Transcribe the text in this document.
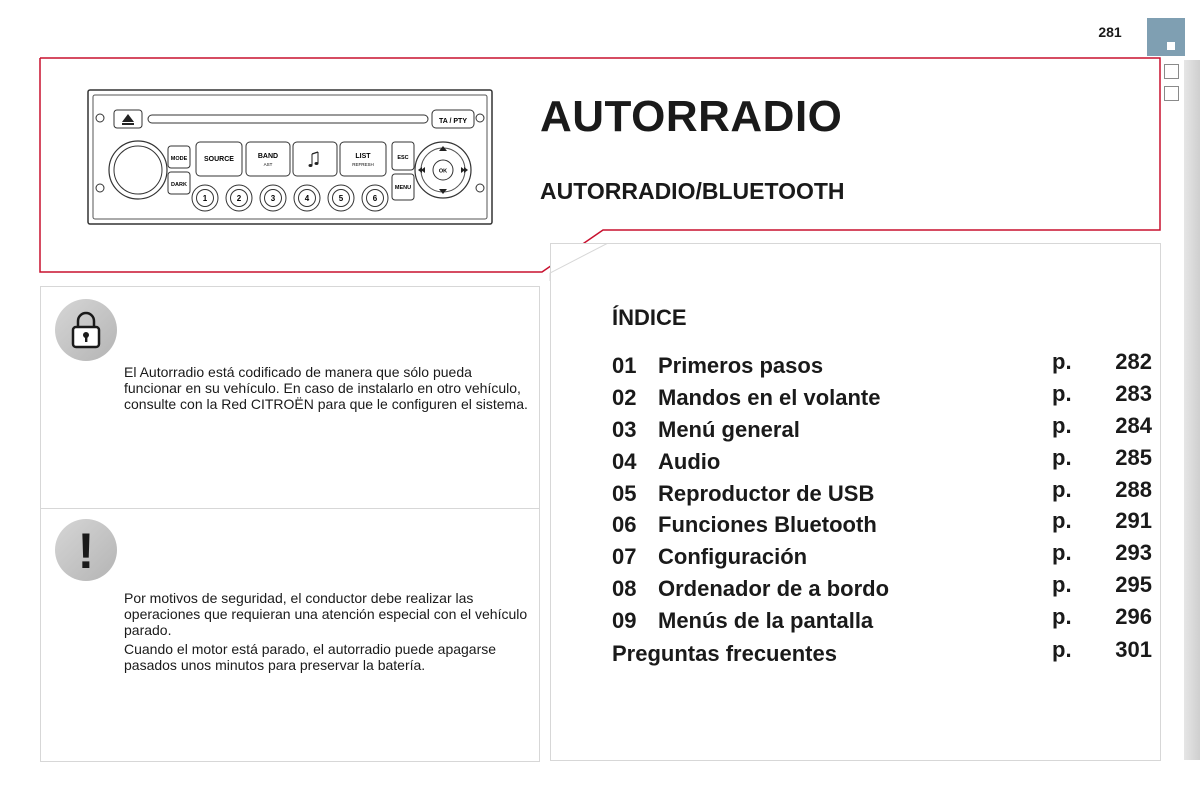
281
TA / PTY
MODE
DARK
SOURCE	BAND
AST
LIST
REFRESH
ESC
MENU
OK
1	2	3	4	5	6
AUTORRADIO
AUTORRADIO/BLUETOOTH

El Autorradio está codificado de manera que sólo pueda funcionar en su vehículo. En caso de instalarlo en otro vehículo, consulte con la Red CITROËN para que le configuren el sistema.

!

Por motivos de seguridad, el conductor debe realizar las operaciones que requieran una atención especial con el vehículo parado.

Cuando el motor está parado, el autorradio puede apagarse pasados unos minutos para preservar la batería.

ÍNDICE
01 Primeros pasos	p. 282
02 Mandos en el volante	p. 283
03 Menú general	p. 284
04 Audio	p. 285
05 Reproductor de USB	p. 288
06 Funciones Bluetooth	p. 291
07 Configuración	p. 293
08 Ordenador de a bordo	p. 295
09 Menús de la pantalla	p. 296
Preguntas frecuentes	p. 301
